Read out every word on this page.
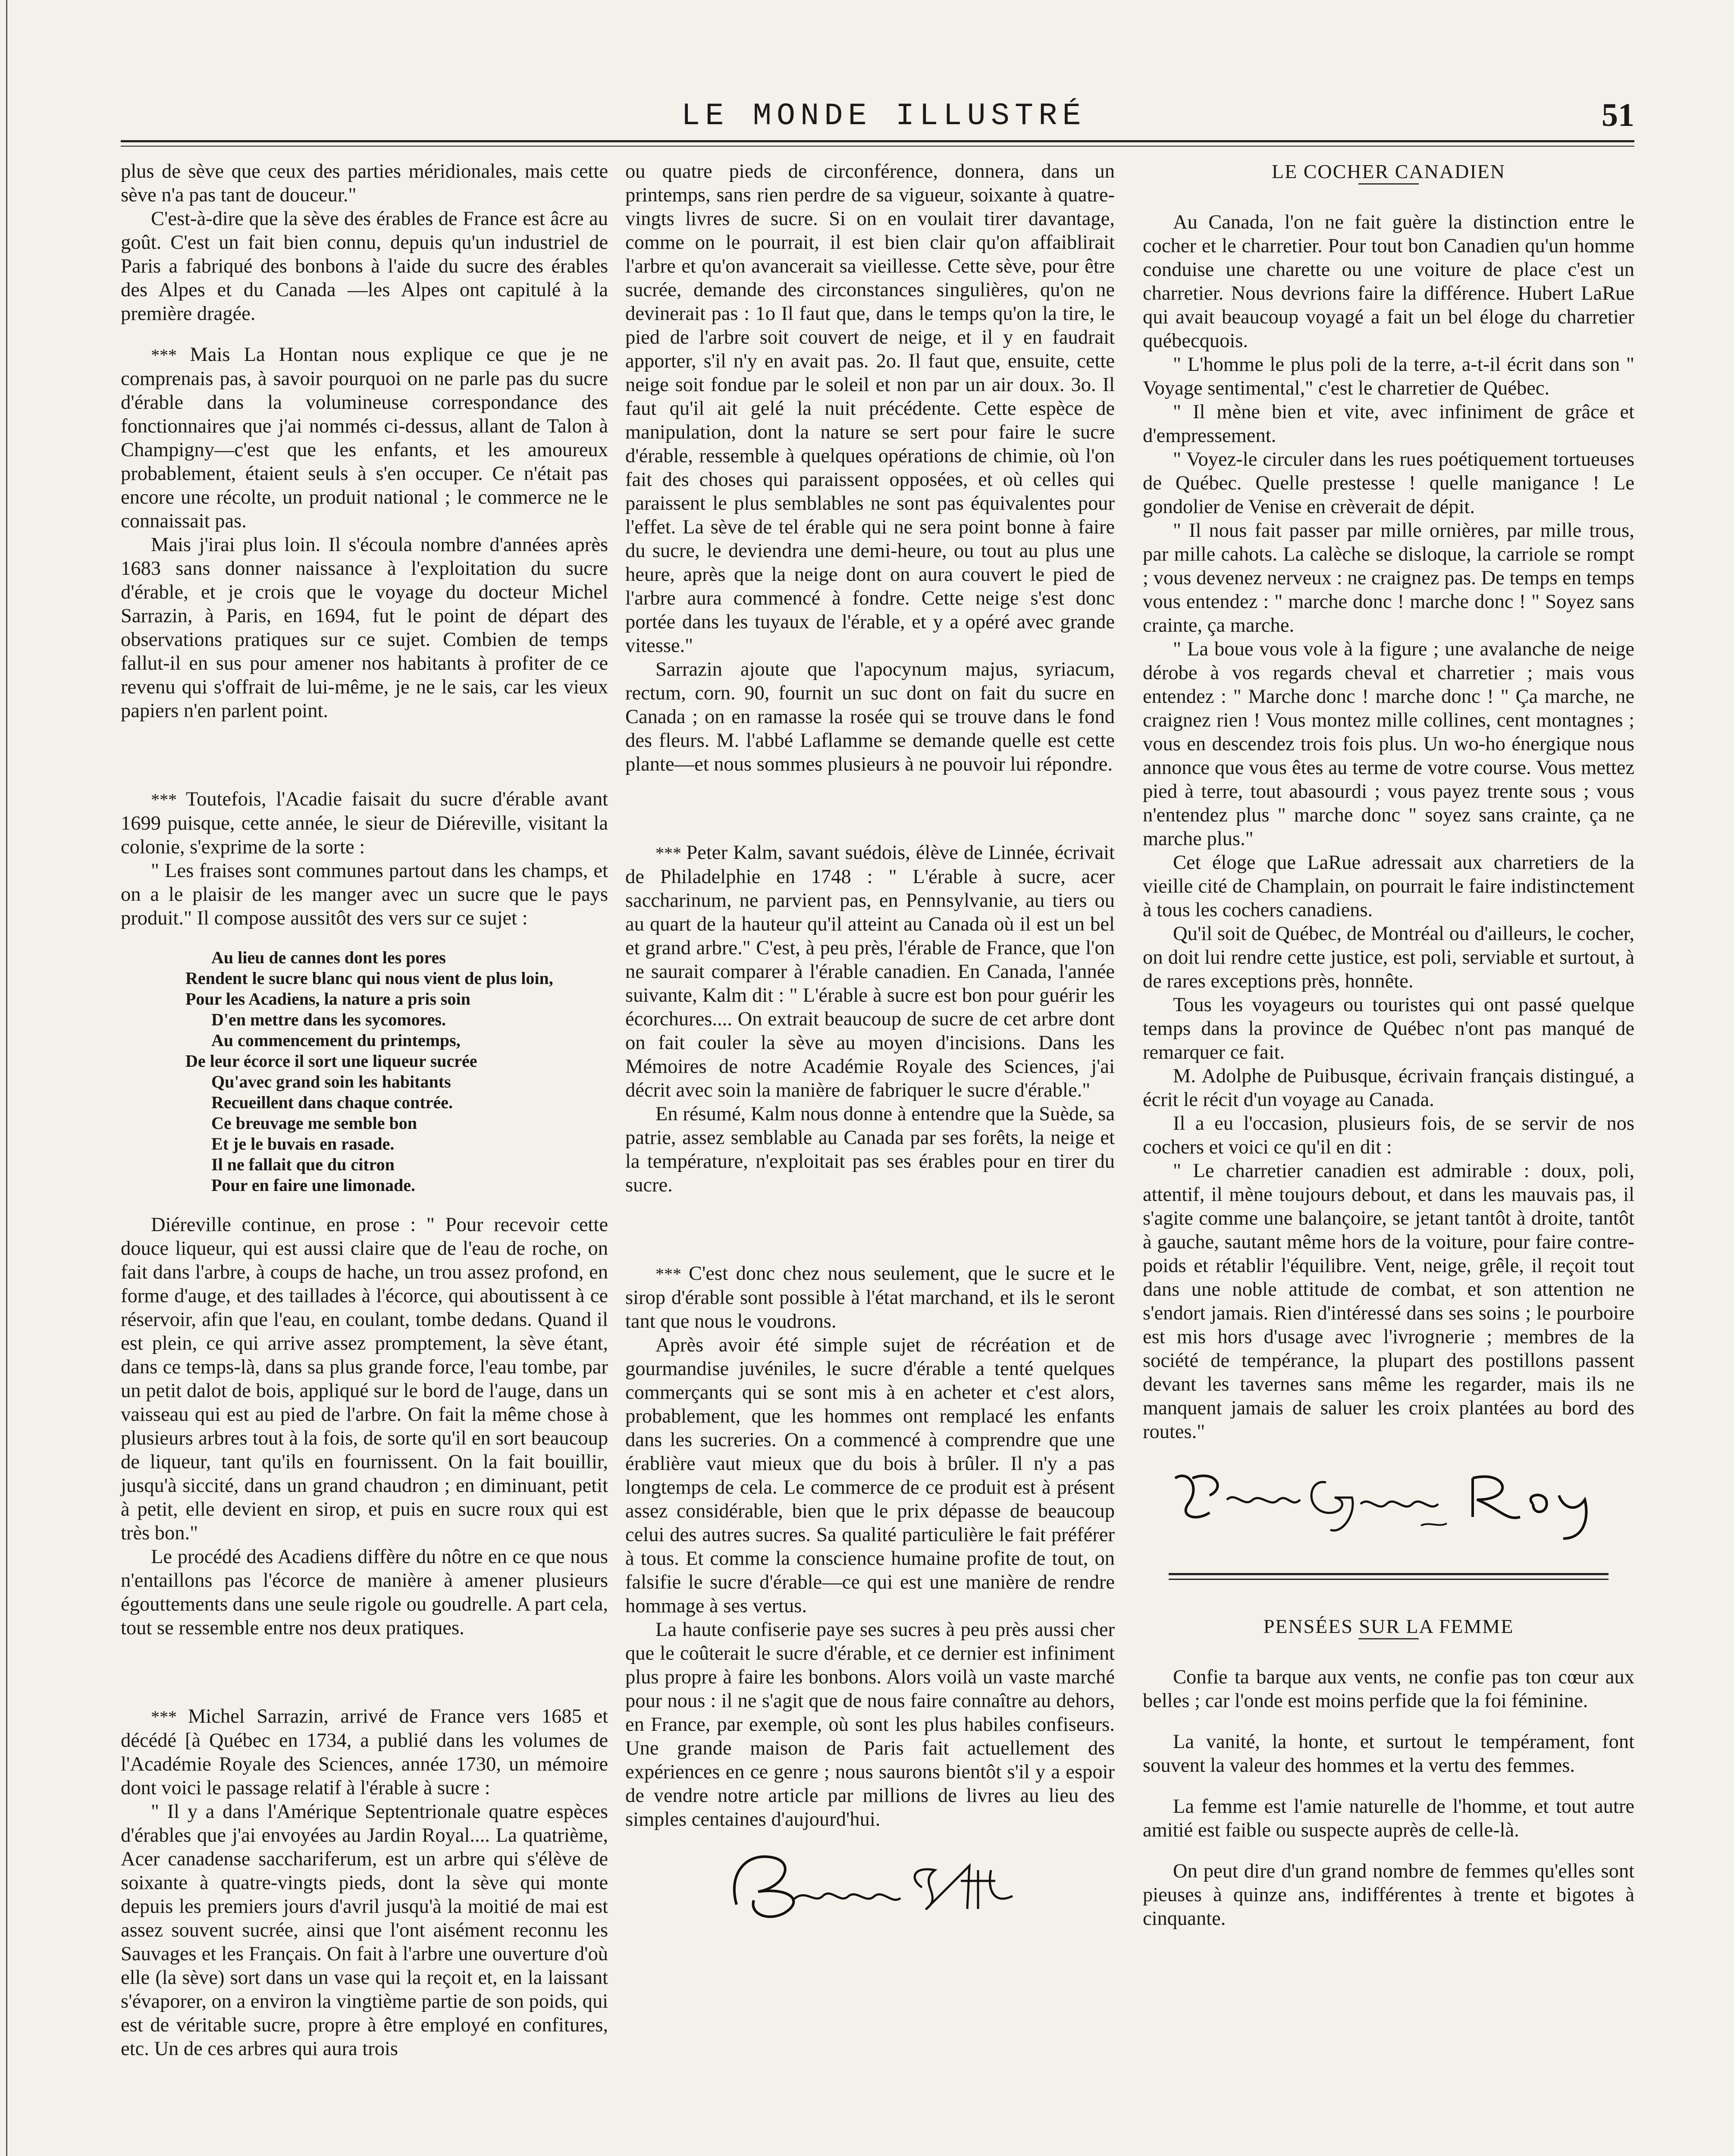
LE MONDE ILLUSTRÉ	51

plus de sève que ceux des parties méridionales, mais cette sève n'a pas tant de douceur."

C'est-à-dire que la sève des érables de France est âcre au goût. C'est un fait bien connu, depuis qu'un industriel de Paris a fabriqué des bonbons à l'aide du sucre des érables des Alpes et du Canada —les Alpes ont capitulé à la première dragée.

*** Mais La Hontan nous explique ce que je ne comprenais pas, à savoir pourquoi on ne parle pas du sucre d'érable dans la volumineuse correspondance des fonctionnaires que j'ai nommés ci-dessus, allant de Talon à Champigny—c'est que les enfants, et les amoureux probablement, étaient seuls à s'en occuper. Ce n'était pas encore une récolte, un produit national ; le commerce ne le connaissait pas.

Mais j'irai plus loin. Il s'écoula nombre d'années après 1683 sans donner naissance à l'exploitation du sucre d'érable, et je crois que le voyage du docteur Michel Sarrazin, à Paris, en 1694, fut le point de départ des observations pratiques sur ce sujet. Combien de temps fallut-il en sus pour amener nos habitants à profiter de ce revenu qui s'offrait de lui-même, je ne le sais, car les vieux papiers n'en parlent point.

*** Toutefois, l'Acadie faisait du sucre d'érable avant 1699 puisque, cette année, le sieur de Diéreville, visitant la colonie, s'exprime de la sorte :

" Les fraises sont communes partout dans les champs, et on a le plaisir de les manger avec un sucre que le pays produit." Il compose aussitôt des vers sur ce sujet :

Au lieu de cannes dont les pores
Rendent le sucre blanc qui nous vient de plus loin,
Pour les Acadiens, la nature a pris soin
D'en mettre dans les sycomores.
Au commencement du printemps,
De leur écorce il sort une liqueur sucrée
Qu'avec grand soin les habitants
Recueillent dans chaque contrée.
Ce breuvage me semble bon
Et je le buvais en rasade.
Il ne fallait que du citron
Pour en faire une limonade.

Diéreville continue, en prose : " Pour recevoir cette douce liqueur, qui est aussi claire que de l'eau de roche, on fait dans l'arbre, à coups de hache, un trou assez profond, en forme d'auge, et des taillades à l'écorce, qui aboutissent à ce réservoir, afin que l'eau, en coulant, tombe dedans. Quand il est plein, ce qui arrive assez promptement, la sève étant, dans ce temps-là, dans sa plus grande force, l'eau tombe, par un petit dalot de bois, appliqué sur le bord de l'auge, dans un vaisseau qui est au pied de l'arbre. On fait la même chose à plusieurs arbres tout à la fois, de sorte qu'il en sort beaucoup de liqueur, tant qu'ils en fournissent. On la fait bouillir, jusqu'à siccité, dans un grand chaudron ; en diminuant, petit à petit, elle devient en sirop, et puis en sucre roux qui est très bon."

Le procédé des Acadiens diffère du nôtre en ce que nous n'entaillons pas l'écorce de manière à amener plusieurs égouttements dans une seule rigole ou goudrelle. A part cela, tout se ressemble entre nos deux pratiques.

*** Michel Sarrazin, arrivé de France vers 1685 et décédé [à Québec en 1734, a publié dans les volumes de l'Académie Royale des Sciences, année 1730, un mémoire dont voici le passage relatif à l'érable à sucre :

" Il y a dans l'Amérique Septentrionale quatre espèces d'érables que j'ai envoyées au Jardin Royal.... La quatrième, Acer canadense sacchariferum, est un arbre qui s'élève de soixante à quatre-vingts pieds, dont la sève qui monte depuis les premiers jours d'avril jusqu'à la moitié de mai est assez souvent sucrée, ainsi que l'ont aisément reconnu les Sauvages et les Français. On fait à l'arbre une ouverture d'où elle (la sève) sort dans un vase qui la reçoit et, en la laissant s'évaporer, on a environ la vingtième partie de son poids, qui est de véritable sucre, propre à être employé en confitures, etc. Un de ces arbres qui aura trois

ou quatre pieds de circonférence, donnera, dans un printemps, sans rien perdre de sa vigueur, soixante à quatre-vingts livres de sucre. Si on en voulait tirer davantage, comme on le pourrait, il est bien clair qu'on affaiblirait l'arbre et qu'on avancerait sa vieillesse. Cette sève, pour être sucrée, demande des circonstances singulières, qu'on ne devinerait pas : 1o Il faut que, dans le temps qu'on la tire, le pied de l'arbre soit couvert de neige, et il y en faudrait apporter, s'il n'y en avait pas. 2o. Il faut que, ensuite, cette neige soit fondue par le soleil et non par un air doux. 3o. Il faut qu'il ait gelé la nuit précédente. Cette espèce de manipulation, dont la nature se sert pour faire le sucre d'érable, ressemble à quelques opérations de chimie, où l'on fait des choses qui paraissent opposées, et où celles qui paraissent le plus semblables ne sont pas équivalentes pour l'effet. La sève de tel érable qui ne sera point bonne à faire du sucre, le deviendra une demi-heure, ou tout au plus une heure, après que la neige dont on aura couvert le pied de l'arbre aura commencé à fondre. Cette neige s'est donc portée dans les tuyaux de l'érable, et y a opéré avec grande vitesse."

Sarrazin ajoute que l'apocynum majus, syriacum, rectum, corn. 90, fournit un suc dont on fait du sucre en Canada ; on en ramasse la rosée qui se trouve dans le fond des fleurs. M. l'abbé Laflamme se demande quelle est cette plante—et nous sommes plusieurs à ne pouvoir lui répondre.

*** Peter Kalm, savant suédois, élève de Linnée, écrivait de Philadelphie en 1748 : " L'érable à sucre, acer saccharinum, ne parvient pas, en Pennsylvanie, au tiers ou au quart de la hauteur qu'il atteint au Canada où il est un bel et grand arbre." C'est, à peu près, l'érable de France, que l'on ne saurait comparer à l'érable canadien. En Canada, l'année suivante, Kalm dit : " L'érable à sucre est bon pour guérir les écorchures.... On extrait beaucoup de sucre de cet arbre dont on fait couler la sève au moyen d'incisions. Dans les Mémoires de notre Académie Royale des Sciences, j'ai décrit avec soin la manière de fabriquer le sucre d'érable."

En résumé, Kalm nous donne à entendre que la Suède, sa patrie, assez semblable au Canada par ses forêts, la neige et la température, n'exploitait pas ses érables pour en tirer du sucre.

*** C'est donc chez nous seulement, que le sucre et le sirop d'érable sont possible à l'état marchand, et ils le seront tant que nous le voudrons.

Après avoir été simple sujet de récréation et de gourmandise juvéniles, le sucre d'érable a tenté quelques commerçants qui se sont mis à en acheter et c'est alors, probablement, que les hommes ont remplacé les enfants dans les sucreries. On a commencé à comprendre que une érablière vaut mieux que du bois à brûler. Il n'y a pas longtemps de cela. Le commerce de ce produit est à présent assez considérable, bien que le prix dépasse de beaucoup celui des autres sucres. Sa qualité particulière le fait préférer à tous. Et comme la conscience humaine profite de tout, on falsifie le sucre d'érable—ce qui est une manière de rendre hommage à ses vertus.

La haute confiserie paye ses sucres à peu près aussi cher que le coûterait le sucre d'érable, et ce dernier est infiniment plus propre à faire les bonbons. Alors voilà un vaste marché pour nous : il ne s'agit que de nous faire connaître au dehors, en France, par exemple, où sont les plus habiles confiseurs. Une grande maison de Paris fait actuellement des expériences en ce genre ; nous saurons bientôt s'il y a espoir de vendre notre article par millions de livres au lieu des simples centaines d'aujourd'hui.

LE COCHER CANADIEN

Au Canada, l'on ne fait guère la distinction entre le cocher et le charretier. Pour tout bon Canadien qu'un homme conduise une charette ou une voiture de place c'est un charretier. Nous devrions faire la différence. Hubert LaRue qui avait beaucoup voyagé a fait un bel éloge du charretier québecquois.

" L'homme le plus poli de la terre, a-t-il écrit dans son " Voyage sentimental," c'est le charretier de Québec.

" Il mène bien et vite, avec infiniment de grâce et d'empressement.

" Voyez-le circuler dans les rues poétiquement tortueuses de Québec. Quelle prestesse ! quelle manigance ! Le gondolier de Venise en crèverait de dépit.

" Il nous fait passer par mille ornières, par mille trous, par mille cahots. La calèche se disloque, la carriole se rompt ; vous devenez nerveux : ne craignez pas. De temps en temps vous entendez : " marche donc ! marche donc ! " Soyez sans crainte, ça marche.

" La boue vous vole à la figure ; une avalanche de neige dérobe à vos regards cheval et charretier ; mais vous entendez : " Marche donc ! marche donc ! " Ça marche, ne craignez rien ! Vous montez mille collines, cent montagnes ; vous en descendez trois fois plus. Un wo-ho énergique nous annonce que vous êtes au terme de votre course. Vous mettez pied à terre, tout abasourdi ; vous payez trente sous ; vous n'entendez plus " marche donc " soyez sans crainte, ça ne marche plus."

Cet éloge que LaRue adressait aux charretiers de la vieille cité de Champlain, on pourrait le faire indistinctement à tous les cochers canadiens.

Qu'il soit de Québec, de Montréal ou d'ailleurs, le cocher, on doit lui rendre cette justice, est poli, serviable et surtout, à de rares exceptions près, honnête.

Tous les voyageurs ou touristes qui ont passé quelque temps dans la province de Québec n'ont pas manqué de remarquer ce fait.

M. Adolphe de Puibusque, écrivain français distingué, a écrit le récit d'un voyage au Canada.

Il a eu l'occasion, plusieurs fois, de se servir de nos cochers et voici ce qu'il en dit :

" Le charretier canadien est admirable : doux, poli, attentif, il mène toujours debout, et dans les mauvais pas, il s'agite comme une balançoire, se jetant tantôt à droite, tantôt à gauche, sautant même hors de la voiture, pour faire contre-poids et rétablir l'équilibre. Vent, neige, grêle, il reçoit tout dans une noble attitude de combat, et son attention ne s'endort jamais. Rien d'intéressé dans ses soins ; le pourboire est mis hors d'usage avec l'ivrognerie ; membres de la société de tempérance, la plupart des postillons passent devant les tavernes sans même les regarder, mais ils ne manquent jamais de saluer les croix plantées au bord des routes."

PENSÉES SUR LA FEMME

Confie ta barque aux vents, ne confie pas ton cœur aux belles ; car l'onde est moins perfide que la foi féminine.

La vanité, la honte, et surtout le tempérament, font souvent la valeur des hommes et la vertu des femmes.

La femme est l'amie naturelle de l'homme, et tout autre amitié est faible ou suspecte auprès de celle-là.

On peut dire d'un grand nombre de femmes qu'elles sont pieuses à quinze ans, indifférentes à trente et bigotes à cinquante.
